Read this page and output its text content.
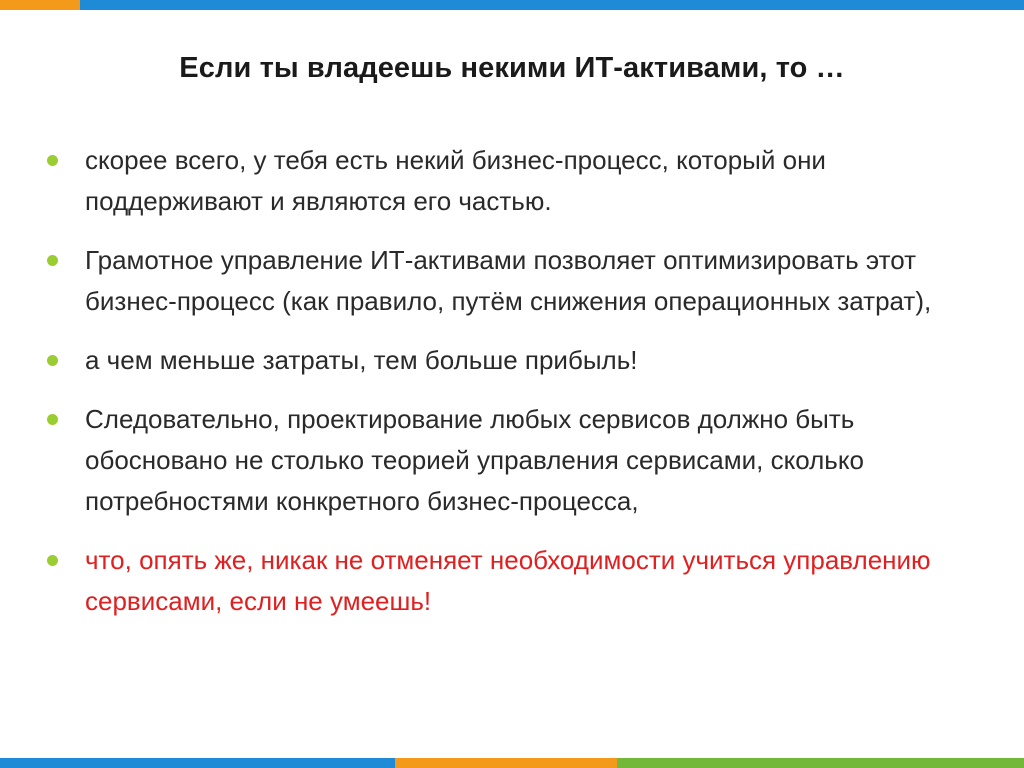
Если ты владеешь некими ИТ-активами, то …
скорее всего, у тебя есть некий бизнес-процесс, который они поддерживают и являются его частью.
Грамотное управление ИТ-активами позволяет оптимизировать этот бизнес-процесс (как правило, путём снижения операционных затрат),
а чем меньше затраты, тем больше прибыль!
Следовательно, проектирование любых сервисов должно быть обосновано не столько теорией управления сервисами, сколько потребностями конкретного бизнес-процесса,
что, опять же, никак не отменяет необходимости учиться управлению сервисами, если не умеешь!
